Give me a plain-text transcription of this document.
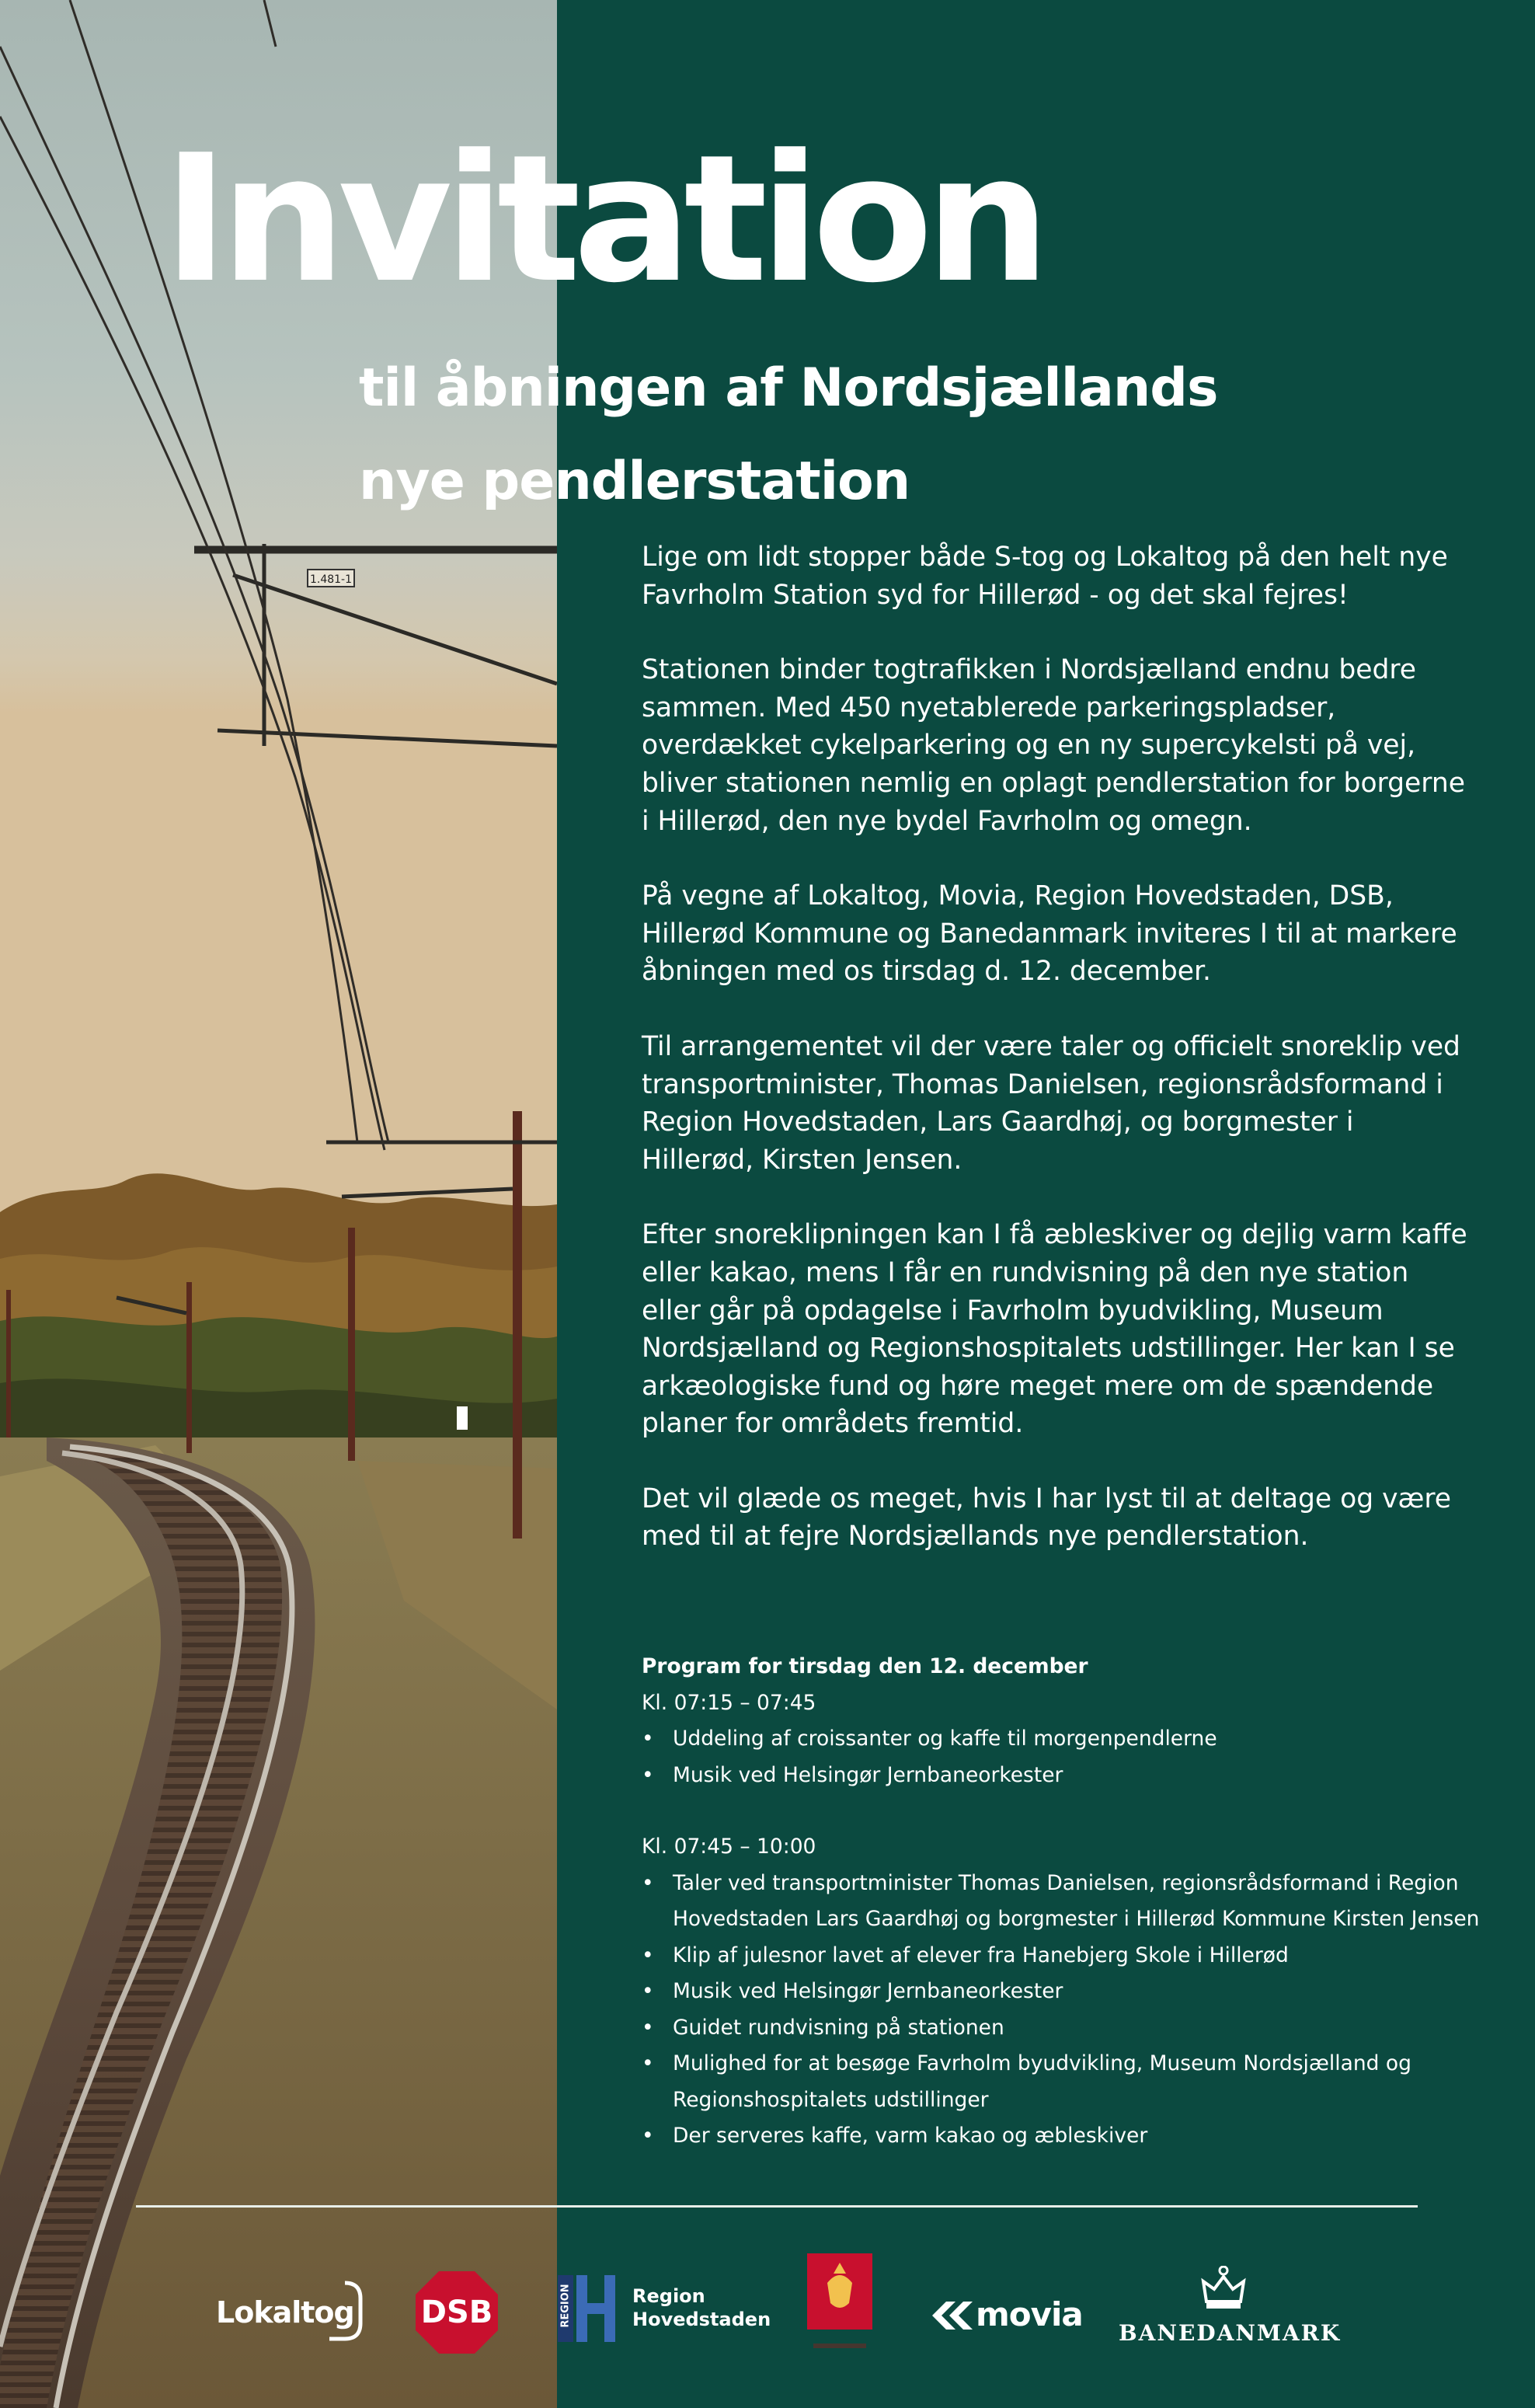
1.481-1
Invitation
til åbningen af Nordsjællands
nye pendlerstation

Lige om lidt stopper både S-tog og Lokaltog på den helt nye Favrholm Station syd for Hillerød - og det skal fejres!

Stationen binder togtrafikken i Nordsjælland endnu bedre sammen. Med 450 nyetablerede parkeringspladser, overdækket cykelparkering og en ny supercykelsti på vej, bliver stationen nemlig en oplagt pendlerstation for borgerne i Hillerød, den nye bydel Favrholm og omegn.

På vegne af Lokaltog, Movia, Region Hovedstaden, DSB, Hillerød Kommune og Banedanmark inviteres I til at markere åbningen med os tirsdag d. 12. december.

Til arrangementet vil der være taler og officielt snoreklip ved transportminister, Thomas Danielsen, regionsrådsformand i Region Hovedstaden, Lars Gaardhøj, og borgmester i Hillerød, Kirsten Jensen.

Efter snoreklipningen kan I få æbleskiver og dejlig varm kaffe eller kakao, mens I får en rundvisning på den nye station eller går på opdagelse i Favrholm byudvikling, Museum Nordsjælland og Regionshospitalets udstillinger. Her kan I se arkæologiske fund og høre meget mere om de spændende planer for områdets fremtid.

Det vil glæde os meget, hvis I har lyst til at deltage og være med til at fejre Nordsjællands nye pendlerstation.

Program for tirsdag den 12. december
Kl. 07:15 – 07:45
• Uddeling af croissanter og kaffe til morgenpendlerne
• Musik ved Helsingør Jernbaneorkester
Kl. 07:45 – 10:00
• Taler ved transportminister Thomas Danielsen, regionsrådsformand i Region Hovedstaden Lars Gaardhøj og borgmester i Hillerød Kommune Kirsten Jensen
• Klip af julesnor lavet af elever fra Hanebjerg Skole i Hillerød
• Musik ved Helsingør Jernbaneorkester
• Guidet rundvisning på stationen
• Mulighed for at besøge Favrholm byudvikling, Museum Nordsjælland og Regionshospitalets udstillinger
• Der serveres kaffe, varm kakao og æbleskiver
Lokaltog DSB	REGION	Region
Hovedstaden	movia BANEDANMARK
